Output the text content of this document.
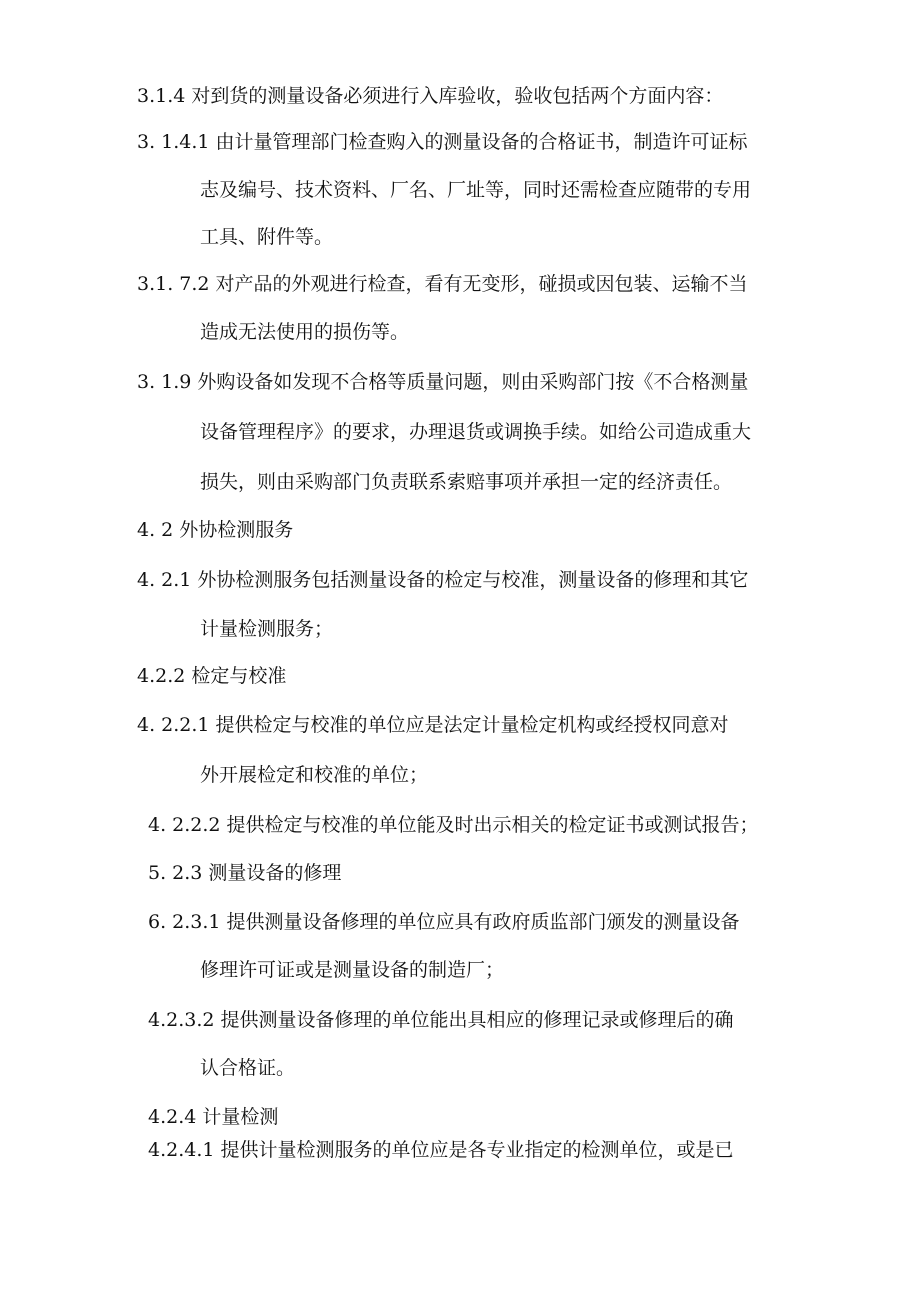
3.1.4 对到货的测量设备必须进行入库验收，验收包括两个方面内容：
3. 1.4.1 由计量管理部门检查购入的测量设备的合格证书，制造许可证标
志及编号、技术资料、厂名、厂址等，同时还需检查应随带的专用
工具、附件等。
3.1. 7.2 对产品的外观进行检查，看有无变形，碰损或因包装、运输不当
造成无法使用的损伤等。
3. 1.9 外购设备如发现不合格等质量问题，则由采购部门按《不合格测量
设备管理程序》的要求，办理退货或调换手续。如给公司造成重大
损失，则由采购部门负责联系索赔事项并承担一定的经济责任。
4. 2 外协检测服务
4. 2.1 外协检测服务包括测量设备的检定与校准，测量设备的修理和其它
计量检测服务；
4.2.2 检定与校准
4. 2.2.1 提供检定与校准的单位应是法定计量检定机构或经授权同意对
外开展检定和校准的单位；
4. 2.2.2 提供检定与校准的单位能及时出示相关的检定证书或测试报告；
5. 2.3 测量设备的修理
6. 2.3.1 提供测量设备修理的单位应具有政府质监部门颁发的测量设备
修理许可证或是测量设备的制造厂；
4.2.3.2 提供测量设备修理的单位能出具相应的修理记录或修理后的确
认合格证。
4.2.4 计量检测
4.2.4.1 提供计量检测服务的单位应是各专业指定的检测单位，或是已
